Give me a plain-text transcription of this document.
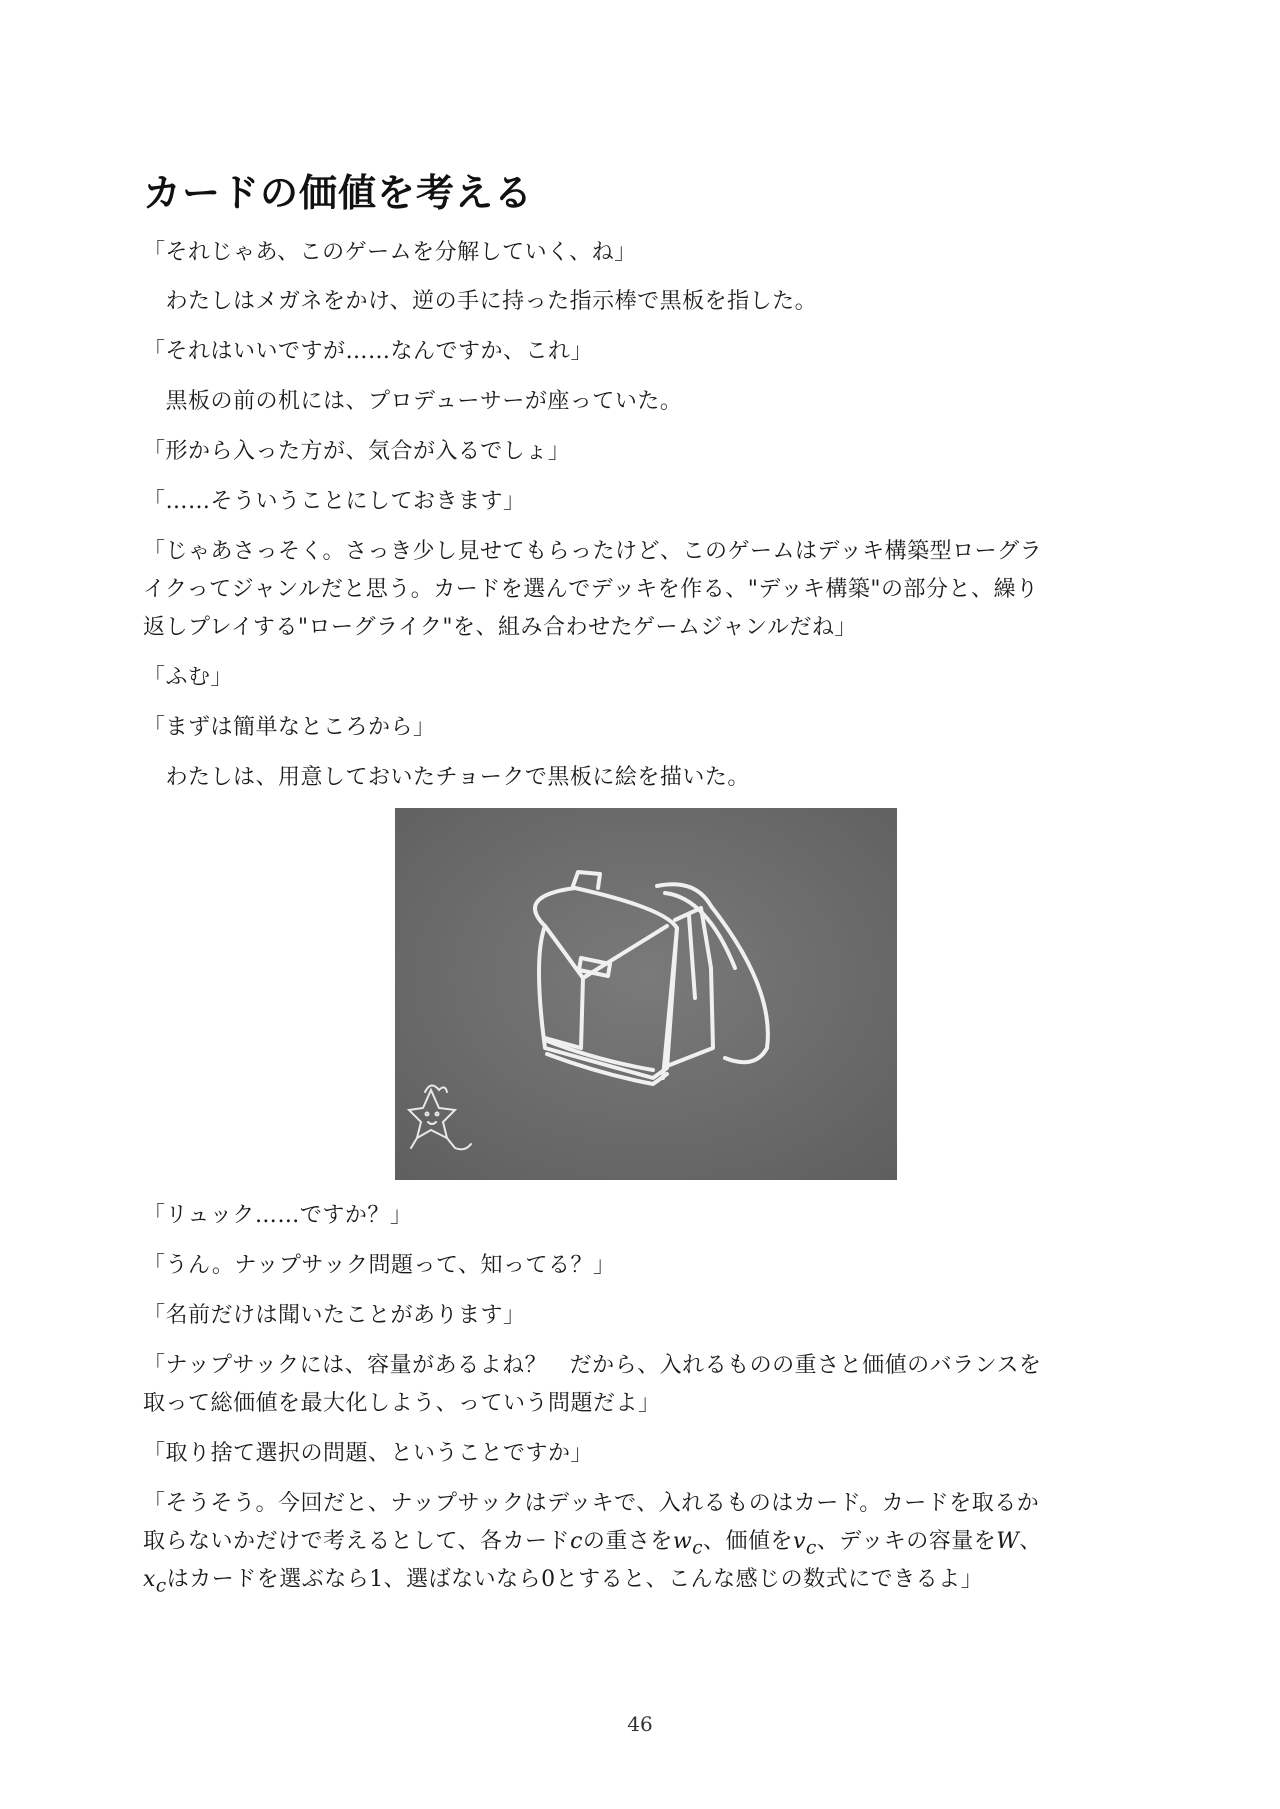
カードの価値を考える

「それじゃあ、このゲームを分解していく、ね」

　わたしはメガネをかけ、逆の手に持った指示棒で黒板を指した。

「それはいいですが……なんですか、これ」

　黒板の前の机には、プロデューサーが座っていた。

「形から入った方が、気合が入るでしょ」

「……そういうことにしておきます」

「じゃあさっそく。さっき少し見せてもらったけど、このゲームはデッキ構築型ローグラ

イクってジャンルだと思う。カードを選んでデッキを作る、"デッキ構築"の部分と、繰り

返しプレイする"ローグライク"を、組み合わせたゲームジャンルだね」

「ふむ」

「まずは簡単なところから」

　わたしは、用意しておいたチョークで黒板に絵を描いた。

「リュック……ですか？」

「うん。ナップサック問題って、知ってる？」

「名前だけは聞いたことがあります」

「ナップサックには、容量があるよね？　だから、入れるものの重さと価値のバランスを

取って総価値を最大化しよう、っていう問題だよ」

「取り捨て選択の問題、ということですか」

「そうそう。今回だと、ナップサックはデッキで、入れるものはカード。カードを取るか

取らないかだけで考えるとして、各カードcの重さを$w_c$、価値を$v_c$、デッキの容量をW、

$x_c$はカードを選ぶなら1、選ばないなら0とすると、こんな感じの数式にできるよ」

46
